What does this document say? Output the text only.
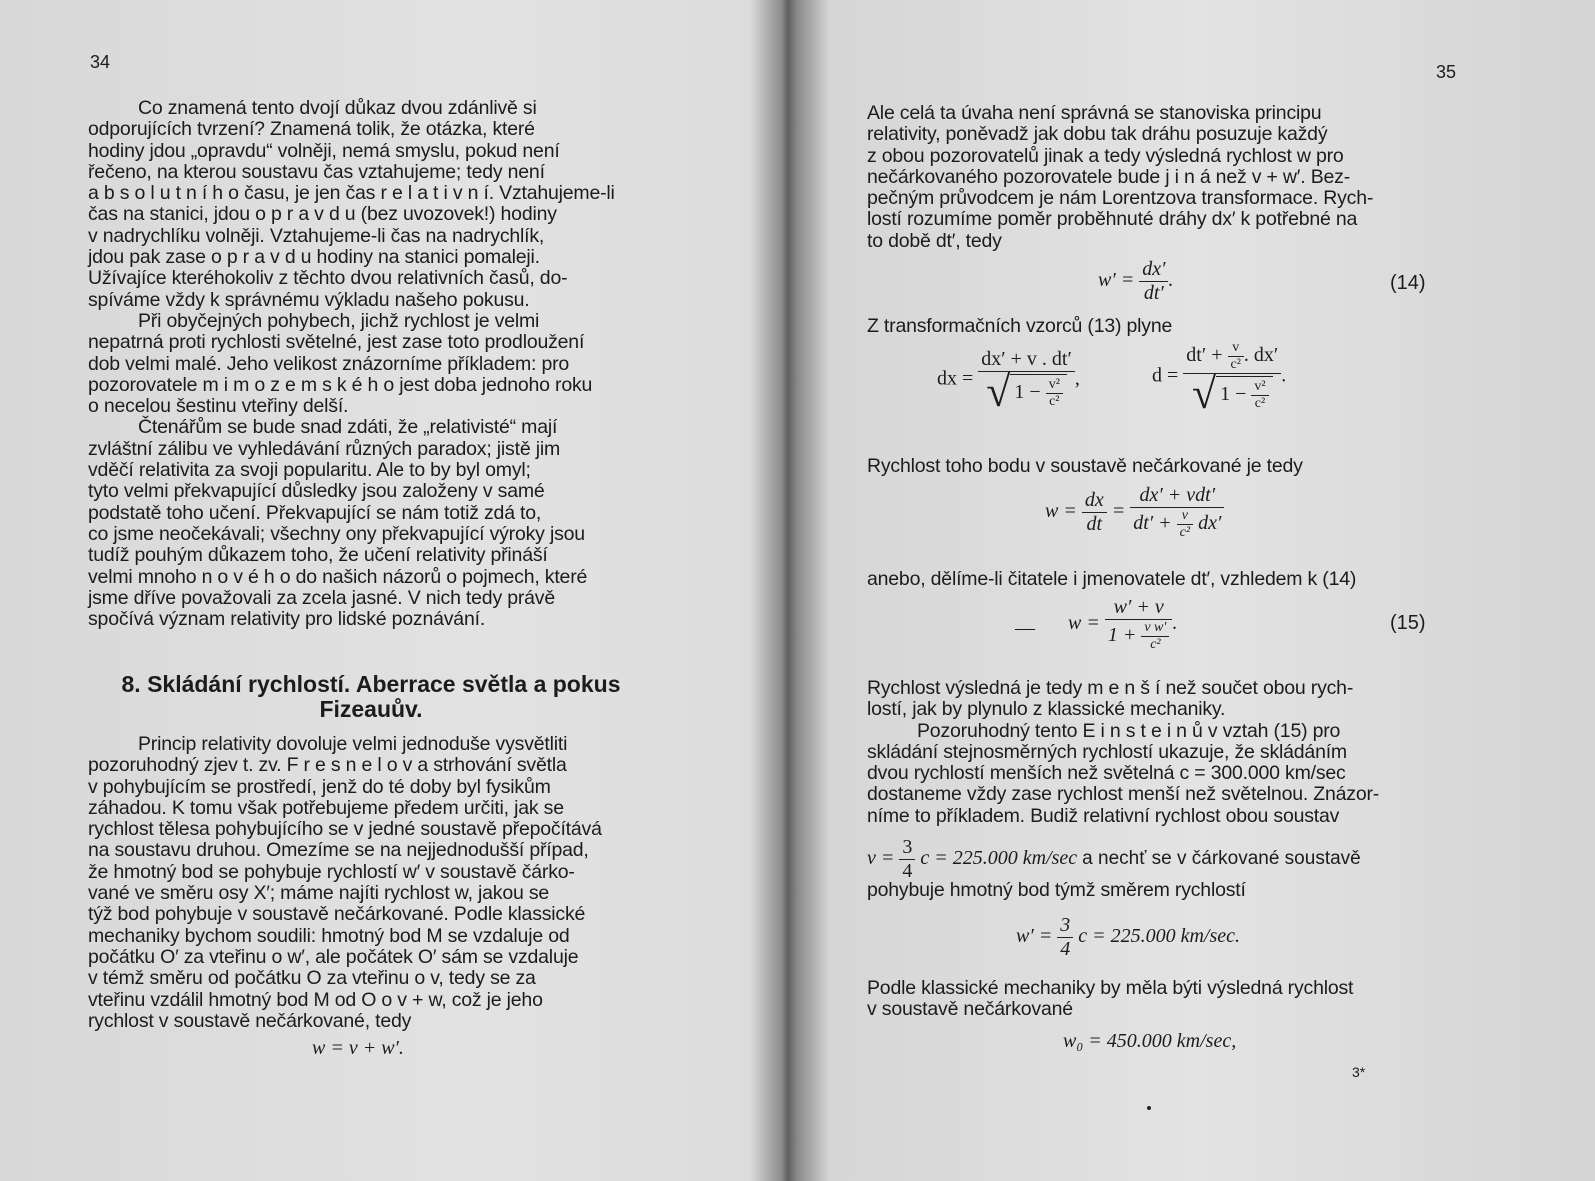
34

Co znamená tento dvojí důkaz dvou zdánlivě si

odporujících tvrzení? Znamená tolik, že otázka, které

hodiny jdou „opravdu“ volněji, nemá smyslu, pokud není

řečeno, na kterou soustavu čas vztahujeme; tedy není

a b s o l u t n í h o času, je jen čas r e l a t i v n í. Vztahujeme-li

čas na stanici, jdou o p r a v d u (bez uvozovek!) hodiny

v nadrychlíku volněji. Vztahujeme-li čas na nadrychlík,

jdou pak zase o p r a v d u hodiny na stanici pomaleji.

Užívajíce kteréhokoliv z těchto dvou relativních časů, do-

spíváme vždy k správnému výkladu našeho pokusu.

Při obyčejných pohybech, jichž rychlost je velmi

nepatrná proti rychlosti světelné, jest zase toto prodloužení

dob velmi malé. Jeho velikost znázorníme příkladem: pro

pozorovatele m i m o z e m s k é h o jest doba jednoho roku

o necelou šestinu vteřiny delší.

Čtenářům se bude snad zdáti, že „relativisté“ mají

zvláštní zálibu ve vyhledávání různých paradox; jistě jim

vděčí relativita za svoji popularitu. Ale to by byl omyl;

tyto velmi překvapující důsledky jsou založeny v samé

podstatě toho učení. Překvapující se nám totiž zdá to,

co jsme neočekávali; všechny ony překvapující výroky jsou

tudíž pouhým důkazem toho, že učení relativity přináší

velmi mnoho n o v é h o do našich názorů o pojmech, které

jsme dříve považovali za zcela jasné. V nich tedy právě

spočívá význam relativity pro lidské poznávání.

8. Skládání rychlostí. Aberrace světla a pokus
Fizeauův.

Princip relativity dovoluje velmi jednoduše vysvětliti

pozoruhodný zjev t. zv. F r e s n e l o v a strhování světla

v pohybujícím se prostředí, jenž do té doby byl fysikům

záhadou. K tomu však potřebujeme předem určiti, jak se

rychlost tělesa pohybujícího se v jedné soustavě přepočítává

na soustavu druhou. Omezíme se na nejjednodušší případ,

že hmotný bod se pohybuje rychlostí w′ v soustavě čárko-

vané ve směru osy X′; máme najíti rychlost w, jakou se

týž bod pohybuje v soustavě nečárkované. Podle klassické

mechaniky bychom soudili: hmotný bod M se vzdaluje od

počátku O′ za vteřinu o w′, ale počátek O′ sám se vzdaluje

v témž směru od počátku O za vteřinu o v, tedy se za

vteřinu vzdálil hmotný bod M od O o v + w, což je jeho

rychlost v soustavě nečárkované, tedy

w = v + w′.
35

Ale celá ta úvaha není správná se stanoviska principu

relativity, poněvadž jak dobu tak dráhu posuzuje každý

z obou pozorovatelů jinak a tedy výsledná rychlost w pro

nečárkovaného pozorovatele bude j i n á než v + w′. Bez-

pečným průvodcem je nám Lorentzova transformace. Rych-

lostí rozumíme poměr proběhnuté dráhy dx′ k potřebné na

to době dt′, tedy

$w' = \frac{dx'}{dt'}$ .	(14)
Z transformačních vzorců (13) plyne
dx = $\frac{dx' + v . dt'}{√ 1 - \frac{\text{v²}}{\text{c²}}}$ ,	$d = \frac{dt' + \frac{v}{\text{c²}} . dx'}{√ 1 - \frac{\text{v²}}{\text{c²}}}$ .
Rychlost toho bodu v soustavě nečárkované je tedy
$w = \frac{dx}{dt} = \frac{\text{dx′ + vdt′}}{dt' + \frac{v}{\text{c²}} dx'}$
anebo, dělíme-li čitatele i jmenovatele dt′, vzhledem k (14)
— $w = \frac{w' + v}{1 + \frac{\text{v w′}}{\text{c²}}}$ .	(15)

Rychlost výsledná je tedy m e n š í než součet obou rych-

lostí, jak by plynulo z klassické mechaniky.

Pozoruhodný tento E i n s t e i n ů v vztah (15) pro

skládání stejnosměrných rychlostí ukazuje, že skládáním

dvou rychlostí menších než světelná c = 300.000 km/sec

dostaneme vždy zase rychlost menší než světelnou. Znázor-

níme to příkladem. Budiž relativní rychlost obou soustav

$v = \frac{3}{4}$ c = 225.000 km/sec a nechť se v čárkované soustavě
pohybuje hmotný bod týmž směrem rychlostí
$w' = \frac{3}{4}$ c = 225.000 km/sec.

Podle klassické mechaniky by měla býti výsledná rychlost

v soustavě nečárkované

w₀ = 450.000 km/sec,
3*
